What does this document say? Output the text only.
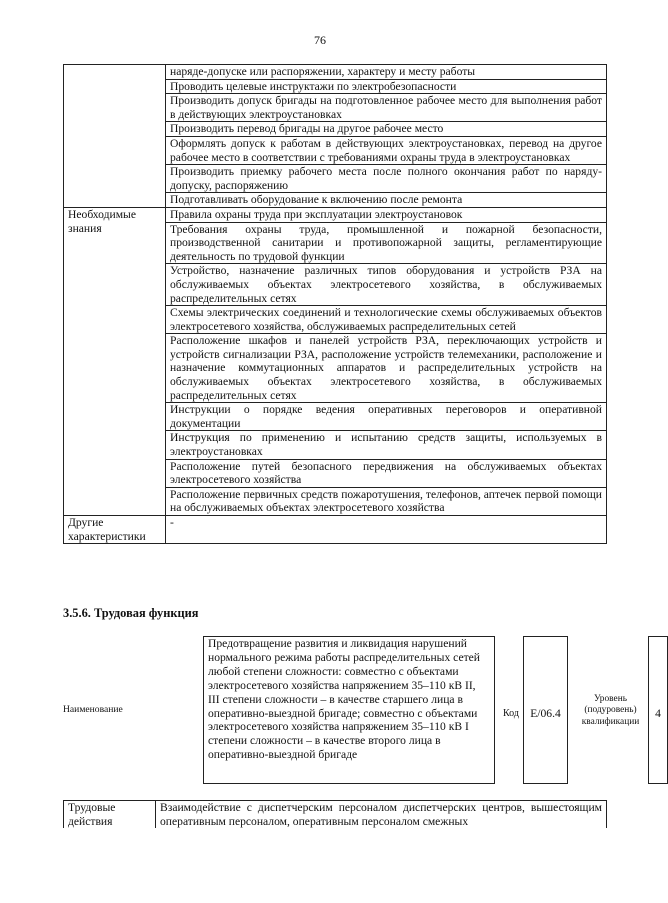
76
	наряде-допуске или распоряжении, характеру и месту работы
	Проводить целевые инструктажи по электробезопасности
	Производить допуск бригады на подготовленное рабочее место для выполнения работ в действующих электроустановках
	Производить перевод бригады на другое рабочее место
	Оформлять допуск к работам в действующих электроустановках, перевод на другое рабочее место в соответствии с требованиями охраны труда в электроустановках
	Производить приемку рабочего места после полного окончания работ по наряду-допуску, распоряжению
	Подготавливать оборудование к включению после ремонта
Необходимые знания	Правила охраны труда при эксплуатации электроустановок
	Требования охраны труда, промышленной и пожарной безопасности, производственной санитарии и противопожарной защиты, регламентирующие деятельность по трудовой функции
	Устройство, назначение различных типов оборудования и устройств РЗА на обслуживаемых объектах электросетевого хозяйства, в обслуживаемых распределительных сетях
	Схемы электрических соединений и технологические схемы обслуживаемых объектов электросетевого хозяйства, обслуживаемых распределительных сетей
	Расположение шкафов и панелей устройств РЗА, переключающих устройств и устройств сигнализации РЗА, расположение устройств телемеханики, расположение и назначение коммутационных аппаратов и распределительных устройств на обслуживаемых объектах электросетевого хозяйства, в обслуживаемых распределительных сетях
	Инструкции о порядке ведения оперативных переговоров и оперативной документации
	Инструкция по применению и испытанию средств защиты, используемых в электроустановках
	Расположение путей безопасного передвижения на обслуживаемых объектах электросетевого хозяйства
	Расположение первичных средств пожаротушения, телефонов, аптечек первой помощи на обслуживаемых объектах электросетевого хозяйства
Другие характеристики	-
3.5.6. Трудовая функция
Наименование
Предотвращение развития и ликвидация нарушений нормального режима работы распределительных сетей любой степени сложности: совместно с объектами электросетевого хозяйства напряжением 35–110 кВ II, III степени сложности – в качестве старшего лица в оперативно-выездной бригаде; совместно с объектами электросетевого хозяйства напряжением 35–110 кВ I степени сложности – в качестве второго лица в оперативно-выездной бригаде
Код E/06.4
Уровень (подуровень) квалификации
4
Трудовые действия	Взаимодействие с диспетчерским персоналом диспетчерских центров, вышестоящим оперативным персоналом, оперативным персоналом смежных
